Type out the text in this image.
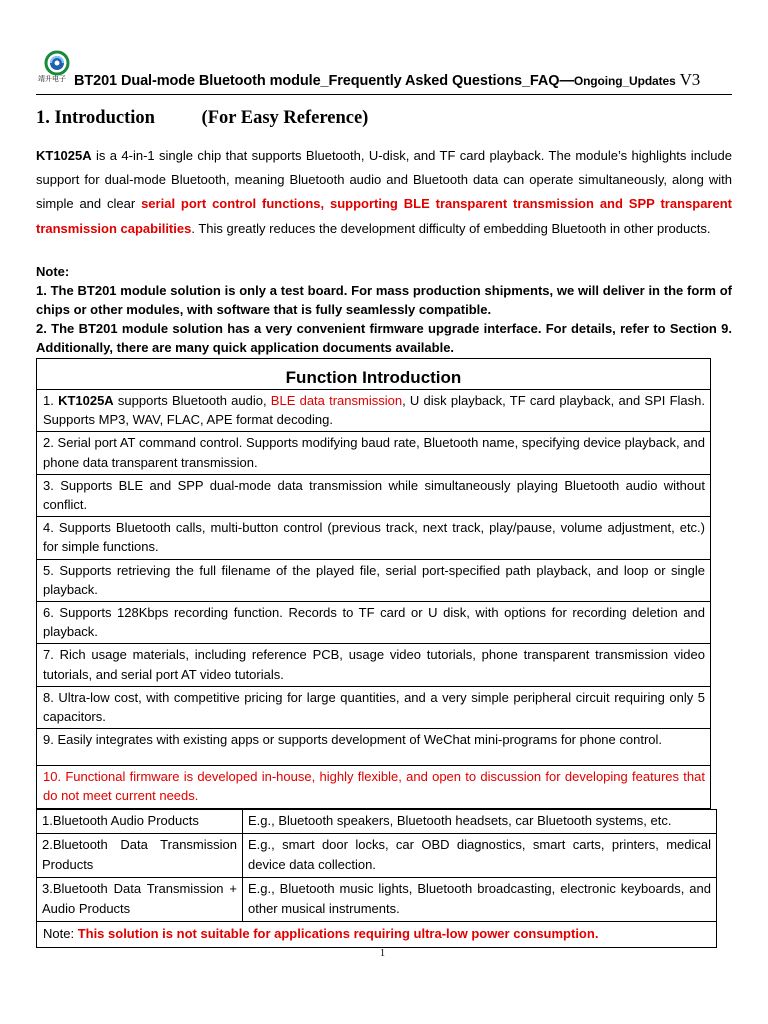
靖升电子 BT201 Dual-mode Bluetooth module_Frequently Asked Questions_FAQ—Ongoing_Updates V3
1. Introduction	(For Easy Reference)
KT1025A is a 4-in-1 single chip that supports Bluetooth, U-disk, and TF card playback. The module’s highlights include support for dual-mode Bluetooth, meaning Bluetooth audio and Bluetooth data can operate simultaneously, along with simple and clear serial port control functions, supporting BLE transparent transmission and SPP transparent transmission capabilities. This greatly reduces the development difficulty of embedding Bluetooth in other products.
Note:
1. The BT201 module solution is only a test board. For mass production shipments, we will deliver in the form of chips or other modules, with software that is fully seamlessly compatible.
2. The BT201 module solution has a very convenient firmware upgrade interface. For details, refer to Section 9. Additionally, there are many quick application documents available.
Function Introduction
1. KT1025A supports Bluetooth audio, BLE data transmission, U disk playback, TF card playback, and SPI Flash. Supports MP3, WAV, FLAC, APE format decoding.
2. Serial port AT command control. Supports modifying baud rate, Bluetooth name, specifying device playback, and phone data transparent transmission.
3. Supports BLE and SPP dual-mode data transmission while simultaneously playing Bluetooth audio without conflict.
4. Supports Bluetooth calls, multi-button control (previous track, next track, play/pause, volume adjustment, etc.) for simple functions.
5. Supports retrieving the full filename of the played file, serial port-specified path playback, and loop or single playback.
6. Supports 128Kbps recording function. Records to TF card or U disk, with options for recording deletion and playback.
7. Rich usage materials, including reference PCB, usage video tutorials, phone transparent transmission video tutorials, and serial port AT video tutorials.
8. Ultra-low cost, with competitive pricing for large quantities, and a very simple peripheral circuit requiring only 5 capacitors.
9. Easily integrates with existing apps or supports development of WeChat mini-programs for phone control.
10. Functional firmware is developed in-house, highly flexible, and open to discussion for developing features that do not meet current needs.
1.Bluetooth Audio Products	E.g., Bluetooth speakers, Bluetooth headsets, car Bluetooth systems, etc.
2.Bluetooth Data Transmission Products	E.g., smart door locks, car OBD diagnostics, smart carts, printers, medical device data collection.
3.Bluetooth Data Transmission + Audio Products	E.g., Bluetooth music lights, Bluetooth broadcasting, electronic keyboards, and other musical instruments.
Note: This solution is not suitable for applications requiring ultra-low power consumption.	
1
